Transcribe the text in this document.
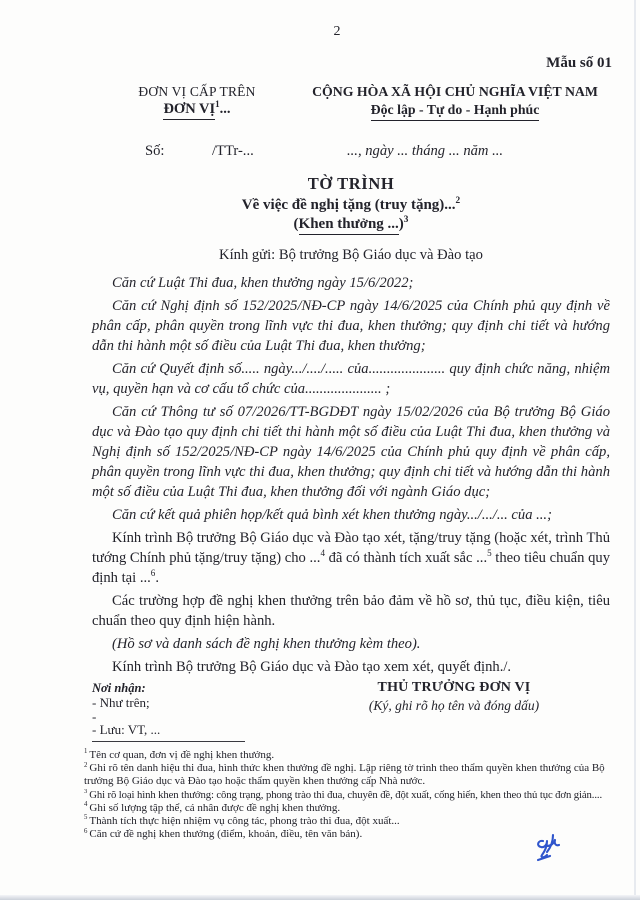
2
Mẫu số 01
ĐƠN VỊ CẤP TRÊN
ĐƠN VỊ$^1$...
CỘNG HÒA XÃ HỘI CHỦ NGHĨA VIỆT NAM
Độc lập - Tự do - Hạnh phúc
Số:	/TTr-...	..., ngày ... tháng ... năm ...
TỜ TRÌNH
Về việc đề nghị tặng (truy tặng)...$^2$
(Khen thưởng ...)$^3$
Kính gửi: Bộ trưởng Bộ Giáo dục và Đào tạo

Căn cứ Luật Thi đua, khen thưởng ngày 15/6/2022;

Căn cứ Nghị định số 152/2025/NĐ-CP ngày 14/6/2025 của Chính phủ quy định về phân cấp, phân quyền trong lĩnh vực thi đua, khen thưởng; quy định chi tiết và hướng dẫn thi hành một số điều của Luật Thi đua, khen thưởng;

Căn cứ Quyết định số..... ngày.../..../..... của..................... quy định chức năng, nhiệm vụ, quyền hạn và cơ cấu tổ chức của..................... ;

Căn cứ Thông tư số 07/2026/TT-BGDĐT ngày 15/02/2026 của Bộ trưởng Bộ Giáo dục và Đào tạo quy định chi tiết thi hành một số điều của Luật Thi đua, khen thưởng và Nghị định số 152/2025/NĐ-CP ngày 14/6/2025 của Chính phủ quy định về phân cấp, phân quyền trong lĩnh vực thi đua, khen thưởng; quy định chi tiết và hướng dẫn thi hành một số điều của Luật Thi đua, khen thưởng đối với ngành Giáo dục;

Căn cứ kết quả phiên họp/kết quả bình xét khen thưởng ngày.../.../... của ...;

Kính trình Bộ trưởng Bộ Giáo dục và Đào tạo xét, tặng/truy tặng (hoặc xét, trình Thủ tướng Chính phủ tặng/truy tặng) cho ...$^4$ đã có thành tích xuất sắc ...$^5$ theo tiêu chuẩn quy định tại ...$^6$.

Các trường hợp đề nghị khen thưởng trên bảo đảm về hồ sơ, thủ tục, điều kiện, tiêu chuẩn theo quy định hiện hành.

(Hồ sơ và danh sách đề nghị khen thưởng kèm theo).

Kính trình Bộ trưởng Bộ Giáo dục và Đào tạo xem xét, quyết định./.

Nơi nhận:
- Như trên;
-
- Lưu: VT, ...
THỦ TRƯỞNG ĐƠN VỊ
(Ký, ghi rõ họ tên và đóng dấu)
$^1$ Tên cơ quan, đơn vị đề nghị khen thưởng.
$^2$ Ghi rõ tên danh hiệu thi đua, hình thức khen thưởng đề nghị. Lập riêng tờ trình theo thẩm quyền khen thưởng của Bộ trưởng Bộ Giáo dục và Đào tạo hoặc thẩm quyền khen thưởng cấp Nhà nước.
$^3$ Ghi rõ loại hình khen thưởng: công trạng, phong trào thi đua, chuyên đề, đột xuất, cống hiến, khen theo thủ tục đơn giản....
$^4$ Ghi số lượng tập thể, cá nhân được đề nghị khen thưởng.
$^5$ Thành tích thực hiện nhiệm vụ công tác, phong trào thi đua, đột xuất...
$^6$ Căn cứ đề nghị khen thưởng (điểm, khoản, điều, tên văn bản).
